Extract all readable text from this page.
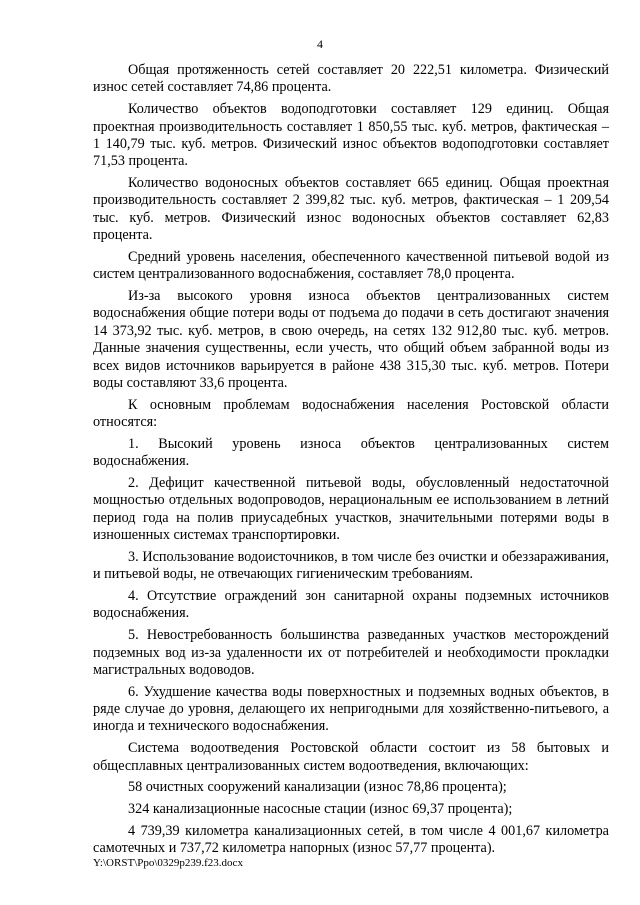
4

Общая протяженность сетей составляет 20 222,51 километра. Физический износ сетей составляет 74,86 процента.

Количество объектов водоподготовки составляет 129 единиц. Общая проектная производительность составляет 1 850,55 тыс. куб. метров, фактическая – 1 140,79 тыс. куб. метров. Физический износ объектов водоподготовки составляет 71,53 процента.

Количество водоносных объектов составляет 665 единиц. Общая проектная производительность составляет 2 399,82 тыс. куб. метров, фактическая – 1 209,54 тыс. куб. метров. Физический износ водоносных объектов составляет 62,83 процента.

Средний уровень населения, обеспеченного качественной питьевой водой из систем централизованного водоснабжения, составляет 78,0 процента.

Из-за высокого уровня износа объектов централизованных систем водоснабжения общие потери воды от подъема до подачи в сеть достигают значения 14 373,92 тыс. куб. метров, в свою очередь, на сетях 132 912,80 тыс. куб. метров. Данные значения существенны, если учесть, что общий объем забранной воды из всех видов источников варьируется в районе 438 315,30 тыс. куб. метров. Потери воды составляют 33,6 процента.

К основным проблемам водоснабжения населения Ростовской области относятся:

1. Высокий уровень износа объектов централизованных систем водоснабжения.

2. Дефицит качественной питьевой воды, обусловленный недостаточной мощностью отдельных водопроводов, нерациональным ее использованием в летний период года на полив приусадебных участков, значительными потерями воды в изношенных системах транспортировки.

3. Использование водоисточников, в том числе без очистки и обеззараживания, и питьевой воды, не отвечающих гигиеническим требованиям.

4. Отсутствие ограждений зон санитарной охраны подземных источников водоснабжения.

5. Невостребованность большинства разведанных участков месторождений подземных вод из-за удаленности их от потребителей и необходимости прокладки магистральных водоводов.

6. Ухудшение качества воды поверхностных и подземных водных объектов, в ряде случае до уровня, делающего их непригодными для хозяйственно-питьевого, а иногда и технического водоснабжения.

Система водоотведения Ростовской области состоит из 58 бытовых и общесплавных централизованных систем водоотведения, включающих:

58 очистных сооружений канализации (износ 78,86 процента);

324 канализационные насосные стации (износ 69,37 процента);

4 739,39 километра канализационных сетей, в том числе 4 001,67 километра самотечных и 737,72 километра напорных (износ 57,77 процента).

Y:\ORST\Ppo\0329p239.f23.docx
